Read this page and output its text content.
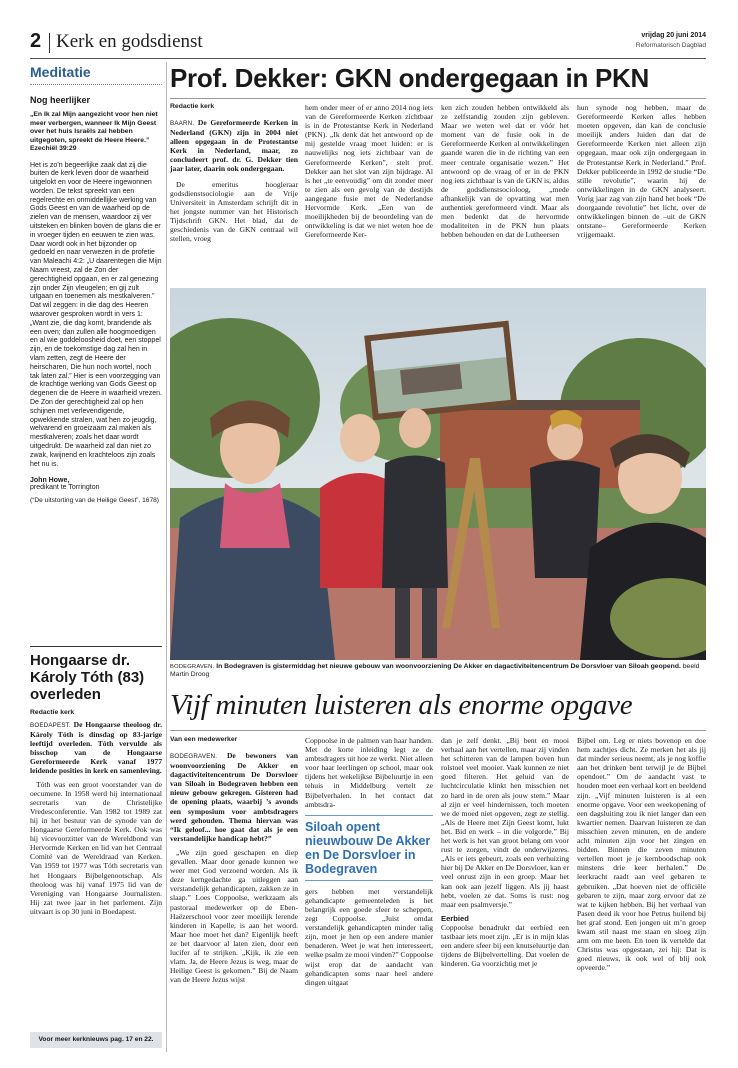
2 Kerk en godsdienst	vrijdag 20 juni 2014
Reformatorisch Dagblad
Meditatie
Nog heerlijker
„En Ik zal Mijn aangezicht voor hen niet meer verbergen, wanneer Ik Mijn Geest over het huis Israëls zal hebben uitgegoten, spreekt de Heere Heere.”
Ezechiël 39:29
Het is zo’n begeerlijke zaak dat zij die buiten de kerk leven door de waarheid uitgelokt en voor de Heere ingewonnen worden. De tekst spreekt van een regelrechte en onmiddellijke werking van Gods Geest en van de waarheid op de zielen van de mensen, waardoor zij ver uitsteken en blinken boven de glans die er in vroeger tijden en eeuwen te zien was. Daar wordt ook in het bijzonder op gedoeld en naar verwezen in de profetie van Maleachi 4:2: „U daarentegen die Mijn Naam vreest, zal de Zon der gerechtigheid opgaan, en er zal genezing zijn onder Zijn vleugelen; en gij zult uitgaan en toenemen als mestkalveren.” Dat wil zeggen: in die dag des Heeren waarover gesproken wordt in vers 1: „Want zie, die dag komt, brandende als een oven; dan zullen alle hoogmoedigen en al wie goddeloosheid doet, een stoppel zijn, en de toekomstige dag zal hen in vlam zetten, zegt de Heere der heirscharen, Die hun noch wortel, noch tak laten zal.” Hier is een voorzegging van de krachtige werking van Gods Geest op degenen die de Heere in waarheid vrezen. De Zon der gerechtigheid zal op hen schijnen met verlevendigende, opwekkende stralen, wat hen zo jeugdig, welvarend en groeizaam zal maken als mestkalveren; zoals het daar wordt uitgedrukt. De waarheid zal dan niet zo zwak, kwijnend en krachteloos zijn zoals het nu is.
John Howe,
predikant te Torrington
(“De uitstorting van de Heilige Geest”, 1678)
Hongaarse dr. Károly Tóth (83) overleden
Redactie kerk
BOEDAPEST. De Hongaarse theoloog dr. Károly Tóth is dinsdag op 83-jarige leeftijd overleden. Tóth vervulde als bisschop van de Hongaarse Gereformeerde Kerk vanaf 1977 leidende posities in kerk en samenleving.
Tóth was een groot voorstander van de oecumene. In 1958 werd hij internationaal secretaris van de Christelijke Vredesconferentie. Van 1982 tot 1989 zat hij in het bestuur van de synode van de Hongaarse Gereformeerde Kerk. Ook was hij vicevoorzitter van de Wereldbond van Hervormde Kerken en lid van het Centraal Comité van de Wereldraad van Kerken. Van 1959 tot 1977 was Tóth secretaris van het Hongaars Bijbelgenootschap. Als theoloog was hij vanaf 1975 lid van de Vereniging van Hongaarse Journalisten. Hij zat twee jaar in het parlement. Zijn uitvaart is op 30 juni in Boedapest.
Voor meer kerknieuws pag. 17 en 22.
Prof. Dekker: GKN ondergegaan in PKN
Redactie kerk
BAARN. De Gereformeerde Kerken in Nederland (GKN) zijn in 2004 niet alleen opgegaan in de Protestantse Kerk in Nederland, maar, zo concludeert prof. dr. G. Dekker tien jaar later, daarin ook ondergegaan.
De emeritus hoogleraar godsdienstsociologie aan de Vrije Universiteit in Amsterdam schrijft dit in het jongste nummer van het Historisch Tijdschrift GKN. Het blad, dat de geschiedenis van de GKN centraal wil stellen, vroeg
hem onder meer of er anno 2014 nog iets van de Gereformeerde Kerken zichtbaar is in de Protestantse Kerk in Nederland (PKN). „Ik denk dat het antwoord op de mij gestelde vraag moet luiden: er is nauwelijks nog iets zichtbaar van de Gereformeerde Kerken”, stelt prof. Dekker aan het slot van zijn bijdrage. Al is het „te eenvoudig” om dit zonder meer te zien als een gevolg van de destijds aangegane fusie met de Nederlandse Hervormde Kerk. „Een van de moeilijkheden bij de beoordeling van de ontwikkeling is dat we niet weten hoe de Gereformeerde Ker-
ken zich zouden hebben ontwikkeld als ze zelfstandig zouden zijn gebleven. Maar we weten wel dat er vóór het moment van de fusie ook in de Gereformeerde Kerken al ontwikkelingen gaande waren die in de richting van een meer centrale organisatie wezen.” Het antwoord op de vraag of er in de PKN nog iets zichtbaar is van de GKN is, aldus de godsdienstsocioloog, „mede afhankelijk van de opvatting wat men authentiek gereformeerd vindt. Maar als men bedenkt dat de hervormde modaliteiten in de PKN hun plaats hebben behouden en dat de Lutheersen
hun synode nog hebben, maar de Gereformeerde Kerken alles hebben moeten opgeven, dan kan de conclusie moeilijk anders luiden dan dat de Gereformeerde Kerken niet alleen zijn opgegaan, maar ook zijn ondergegaan in de Protestantse Kerk in Nederland.” Prof. Dekker publiceerde in 1992 de studie “De stille revolutie”, waarin hij de ontwikkelingen in de GKN analyseert. Vorig jaar zag van zijn hand het boek “De doorgaande revolutie” het licht, over de ontwikkelingen binnen de –uit de GKN ontstane– Gereformeerde Kerken vrijgemaakt.
BODEGRAVEN. In Bodegraven is gistermiddag het nieuwe gebouw van woonvoorziening De Akker en dagactiviteitencentrum De Dorsvloer van Siloah geopend. beeld Martin Droog
Vijf minuten luisteren als enorme opgave
Van een medewerker
BODEGRAVEN. De bewoners van woonvoorziening De Akker en dagactiviteitencentrum De Dorsvloer van Siloah in Bodegraven hebben een nieuw gebouw gekregen. Gisteren had de opening plaats, waarbij ’s avonds een symposium voor ambtsdragers werd gehouden. Thema hiervan was “Ik geloof... hoe gaat dat als je een verstandelijke handicap hebt?”
„We zijn goed geschapen en diep gevallen. Maar door genade kunnen we weer met God verzoend worden. Als ik deze kerngedachte ga uitleggen aan verstandelijk gehandicapten, zakken ze in slaap.” Loes Coppoolse, werkzaam als pastoraal medewerker op de Eben-Haëzerschool voor zeer moeilijk lerende kinderen in Kapelle, is aan het woord. Maar hoe moet het dan? Eigenlijk heeft ze het daarvoor al laten zien, door een lucifer af te strijken. „Kijk, ik zie een vlam. Ja, de Heere Jezus is weg, maar de Heilige Geest is gekomen.” Bij de Naam van de Heere Jezus wijst
Coppoolse in de palmen van haar handen. Met de korte inleiding legt ze de ambtsdragers uit hoe ze werkt. Niet alleen voor haar leerlingen op school, maar ook tijdens het wekelijkse Bijbeluurtje in een tehuis in Middelburg vertelt ze Bijbelverhalen. In het contact dat ambtsdra-
Siloah opent nieuwbouw De Akker en De Dorsvloer in Bodegraven
gers hebben met verstandelijk gehandicapte gemeenteleden is het belangrijk een goede sfeer te scheppen, zegt Coppoolse. „Juist omdat verstandelijk gehandicapten minder talig zijn, moet je hen op een andere manier benaderen. Weet je wat hen interesseert, welke psalm ze mooi vinden?” Coppoolse wijst erop dat de aandacht van gehandicapten soms naar heel andere dingen uitgaat
dan je zelf denkt. „Bij bent en mooi verhaal aan het vertellen, maar zij vinden het schitteren van de lampen boven hun rolstoel veel mooier. Vaak kunnen ze niet goed filteren. Het geluid van de luchtcirculatie klinkt hen misschien net zo hard in de oren als jouw stem.” Maar al zijn er veel hindernissen, toch moeten we de moed niet opgeven, zegt ze stellig. „Als de Heere met Zijn Geest komt, lukt het. Bid en werk – in die volgorde.” Bij het werk is het van groot belang om voor rust te zorgen, vindt de onderwijzeres. „Als er iets gebeurt, zoals een verhuizing hier bij De Akker en De Dorsvloer, kan er veel onrust zijn in een groep. Maar het kan ook aan jezelf liggen. Als jij haast hebt, voelen ze dat. Soms is rust: nog maar een psalmversje.”
Eerbied
Coppoolse benadrukt dat eerbied een tastbaar iets moet zijn. „Er is in mijn klas een andere sfeer bij een knutseluurtje dan tijdens de Bijbelvertelling. Dat voelen de kinderen. Ga voorzichtig met je
Bijbel om. Leg er niets bovenop en doe hem zachtjes dicht. Ze merken het als jij dat minder serieus neemt, als je nog koffie aan het drinken bent terwijl je de Bijbel opendoet.” Om de aandacht vast te houden moet een verhaal kort en beeldend zijn. „Vijf minuten luisteren is al een enorme opgave. Voor een weekopening of een dagsluiting zou ik niet langer dan een kwartier nemen. Daarvan luisteren ze dan misschien zeven minuten, en de andere acht minuten zijn voor het zingen en bidden. Binnen die zeven minuten vertellen moet je je kernboodschap ook minstens drie keer herhalen.” De leerkracht raadt aan veel gebaren te gebruiken. „Dat hoeven niet de officiële gebaren te zijn, maar zorg ervoor dat ze wat te kijken hebben. Bij het verhaal van Pasen deed ik voor hoe Petrus huilend bij het graf stond. Een jongen uit m’n groep kwam stil naast me staan en sloeg zijn arm om me heen. En toen ik vertelde dat Christus was opgestaan, zei hij: Dat is goed nieuws, ik ook wel of blij ook opveerde.”
